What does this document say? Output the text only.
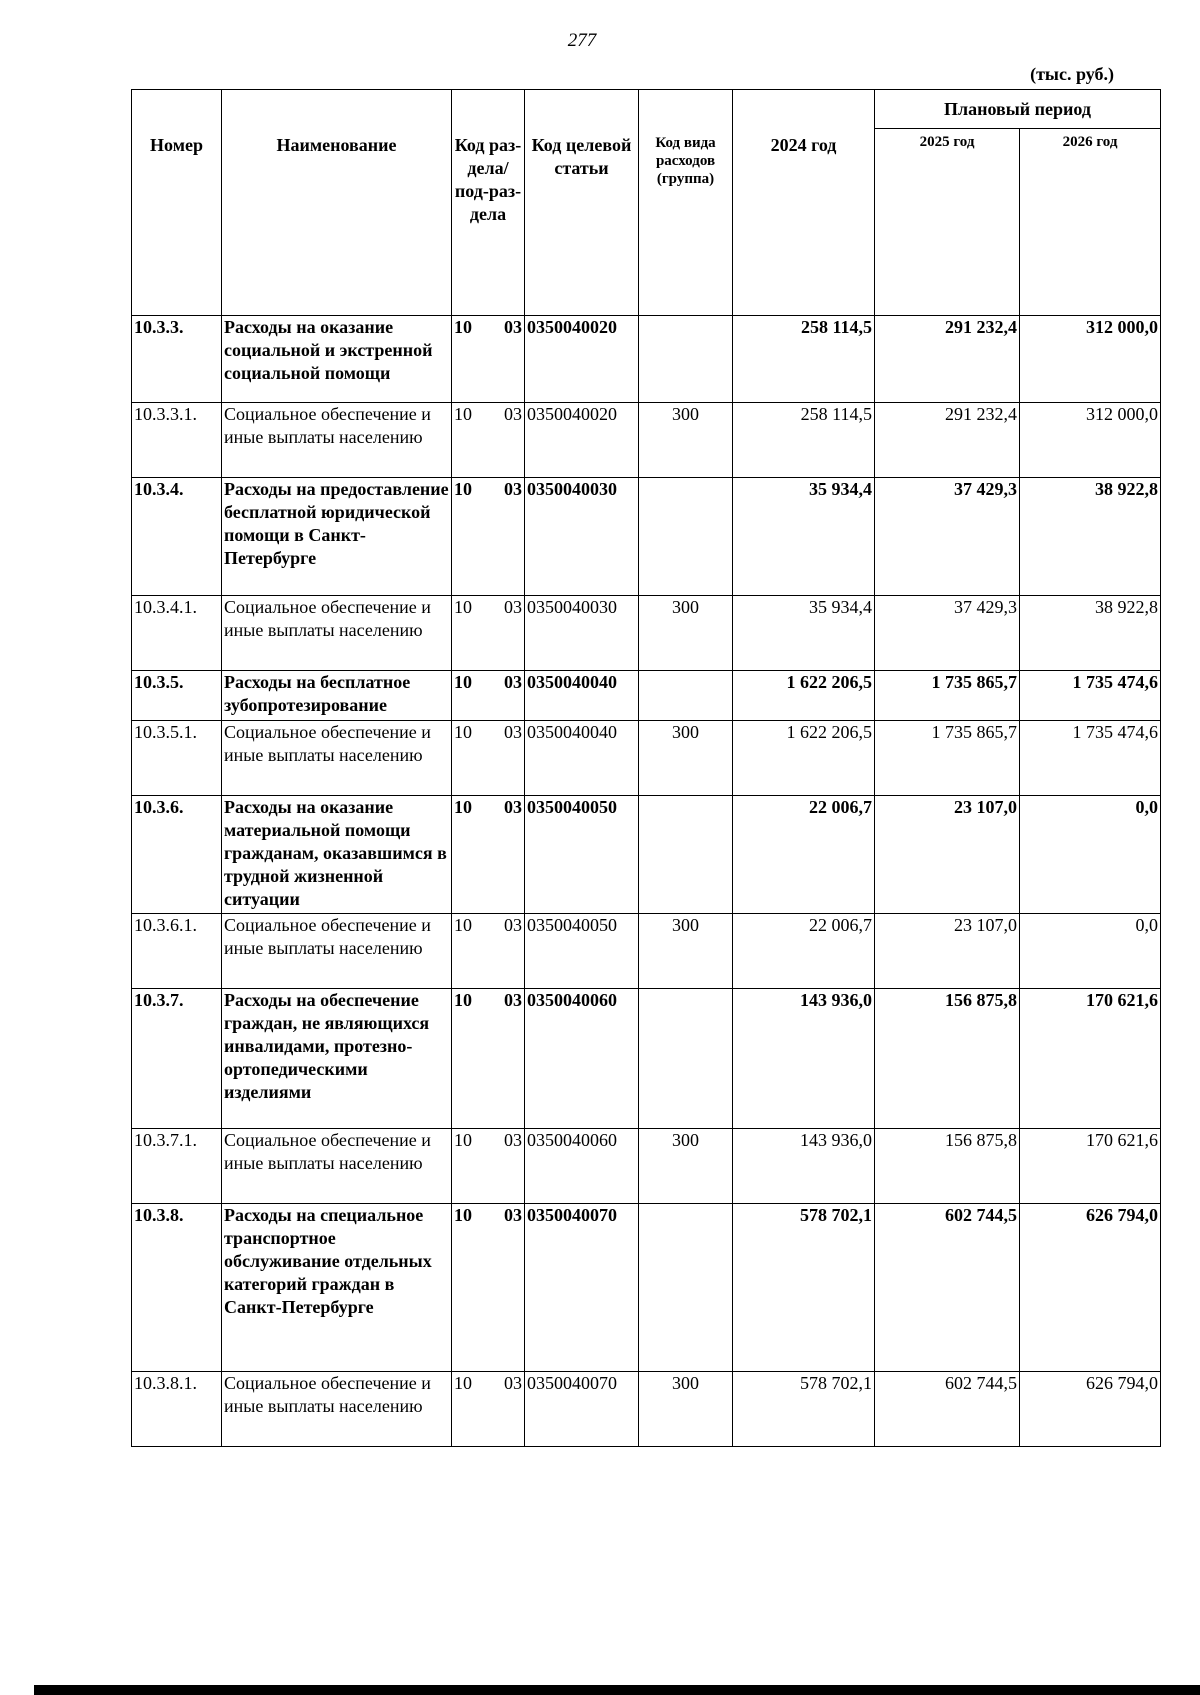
277
(тыс. руб.)
Номер	Наименование	Код раз-дела/ под-раз-дела	Код целевой статьи	Код вида расходов (группа)	2024 год	Плановый период	
						2025 год	2026 год
10.3.3.	Расходы на оказание социальной и экстренной социальной помощи	10 03	0350040020		258 114,5	291 232,4	312 000,0
10.3.3.1.	Социальное обеспечение и иные выплаты населению	10 03	0350040020	300	258 114,5	291 232,4	312 000,0
10.3.4.	Расходы на предоставление бесплатной юридической помощи в Санкт-Петербурге	10 03	0350040030		35 934,4	37 429,3	38 922,8
10.3.4.1.	Социальное обеспечение и иные выплаты населению	10 03	0350040030	300	35 934,4	37 429,3	38 922,8
10.3.5.	Расходы на бесплатное зубопротезирование	10 03	0350040040		1 622 206,5	1 735 865,7	1 735 474,6
10.3.5.1.	Социальное обеспечение и иные выплаты населению	10 03	0350040040	300	1 622 206,5	1 735 865,7	1 735 474,6
10.3.6.	Расходы на оказание материальной помощи гражданам, оказавшимся в трудной жизненной ситуации	10 03	0350040050		22 006,7	23 107,0	0,0
10.3.6.1.	Социальное обеспечение и иные выплаты населению	10 03	0350040050	300	22 006,7	23 107,0	0,0
10.3.7.	Расходы на обеспечение граждан, не являющихся инвалидами, протезно-ортопедическими изделиями	10 03	0350040060		143 936,0	156 875,8	170 621,6
10.3.7.1.	Социальное обеспечение и иные выплаты населению	10 03	0350040060	300	143 936,0	156 875,8	170 621,6
10.3.8.	Расходы на специальное транспортное обслуживание отдельных категорий граждан в Санкт-Петербурге	10 03	0350040070		578 702,1	602 744,5	626 794,0
10.3.8.1.	Социальное обеспечение и иные выплаты населению	10 03	0350040070	300	578 702,1	602 744,5	626 794,0
